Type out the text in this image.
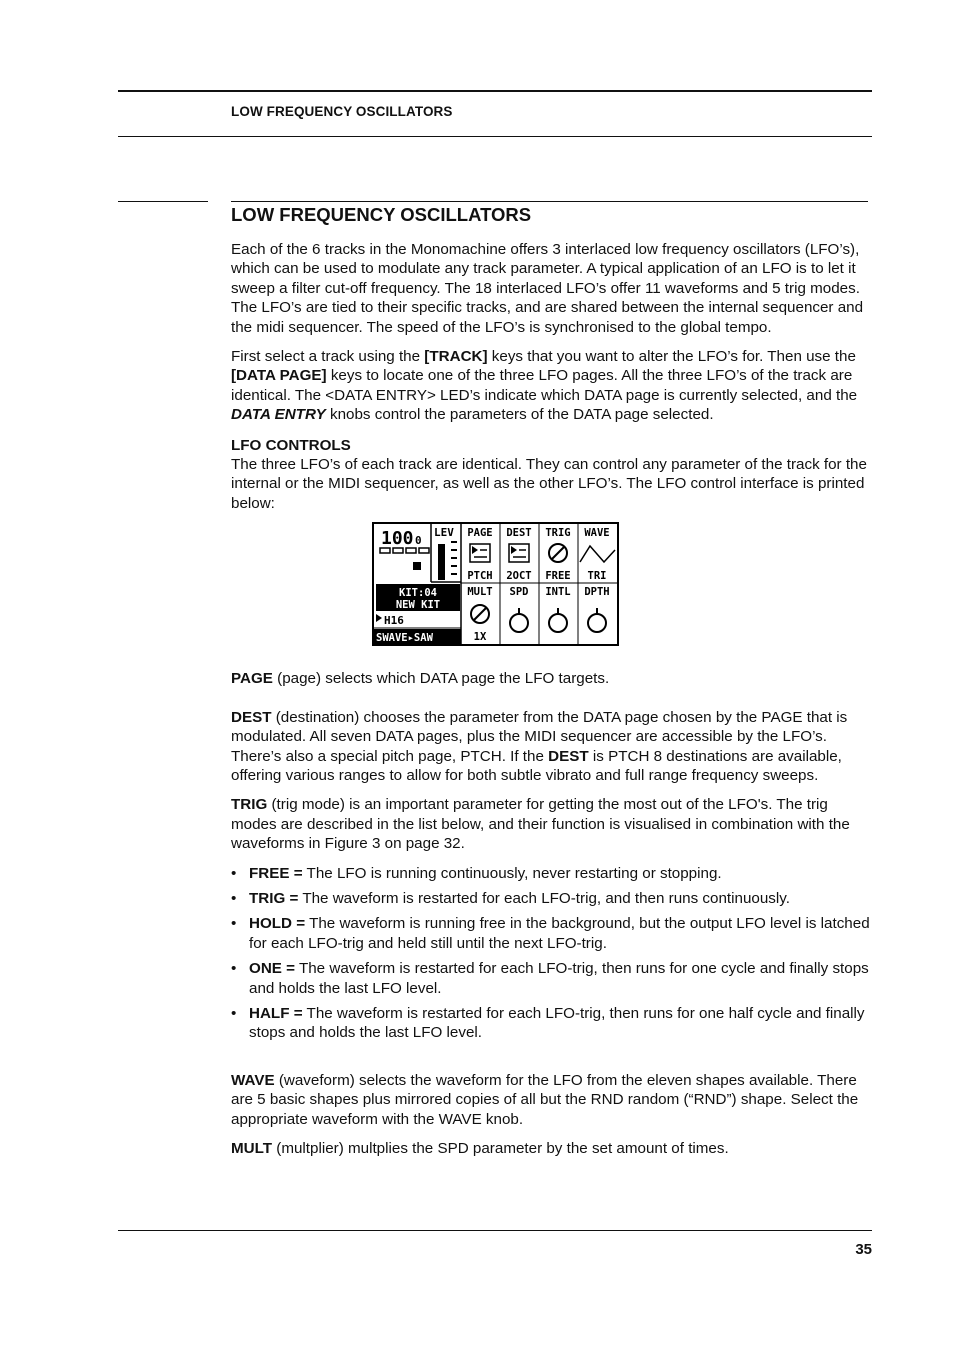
LOW FREQUENCY OSCILLATORS
LOW FREQUENCY OSCILLATORS

Each of the 6 tracks in the Monomachine offers 3 interlaced low frequency oscillators (LFO’s), which can be used to modulate any track parameter. A typical application of an LFO is to let it sweep a filter cut-off frequency. The 18 interlaced LFO’s offer 11 waveforms and 5 trig modes. The LFO’s are tied to their specific tracks, and are shared between the internal sequencer and the midi sequencer. The speed of the LFO’s is synchronised to the global tempo.

First select a track using the [TRACK] keys that you want to alter the LFO’s for. Then use the [DATA PAGE] keys to locate one of the three LFO pages. All the three LFO’s of the track are identical. The <DATA ENTRY> LED’s indicate which DATA page is currently selected, and the DATA ENTRY knobs control the parameters of the DATA page selected.

LFO CONTROLS

The three LFO’s of each track are identical. They can control any parameter of the track for the internal or the MIDI sequencer, as well as the other LFO’s. The LFO control interface is printed below:

100 0
LEV
KIT:04
NEW KIT
H16
SWAVE▸SAW
PAGE DEST TRIG WAVE
PTCH 2OCT FREE TRI
MULT SPD INTL DPTH
1X

PAGE (page) selects which DATA page the LFO targets.

DEST (destination) chooses the parameter from the DATA page chosen by the PAGE that is modulated. All seven DATA pages, plus the MIDI sequencer are accessible by the LFO’s. There’s also a special pitch page, PTCH. If the DEST is PTCH 8 destinations are available, offering various ranges to allow for both subtle vibrato and full range frequency sweeps.

TRIG (trig mode) is an important parameter for getting the most out of the LFO's. The trig modes are described in the list below, and their function is visualised in combination with the waveforms in Figure 3 on page 32.

• FREE = The LFO is running continuously, never restarting or stopping.
• TRIG = The waveform is restarted for each LFO-trig, and then runs continuously.
• HOLD = The waveform is running free in the background, but the output LFO level is latched for each LFO-trig and held still until the next LFO-trig.
• ONE = The waveform is restarted for each LFO-trig, then runs for one cycle and finally stops and holds the last LFO level.
• HALF = The waveform is restarted for each LFO-trig, then runs for one half cycle and finally stops and holds the last LFO level.

WAVE (waveform) selects the waveform for the LFO from the eleven shapes available. There are 5 basic shapes plus mirrored copies of all but the RND random (“RND”) shape. Select the appropriate waveform with the WAVE knob.

MULT (multplier) multplies the SPD parameter by the set amount of times.

35
